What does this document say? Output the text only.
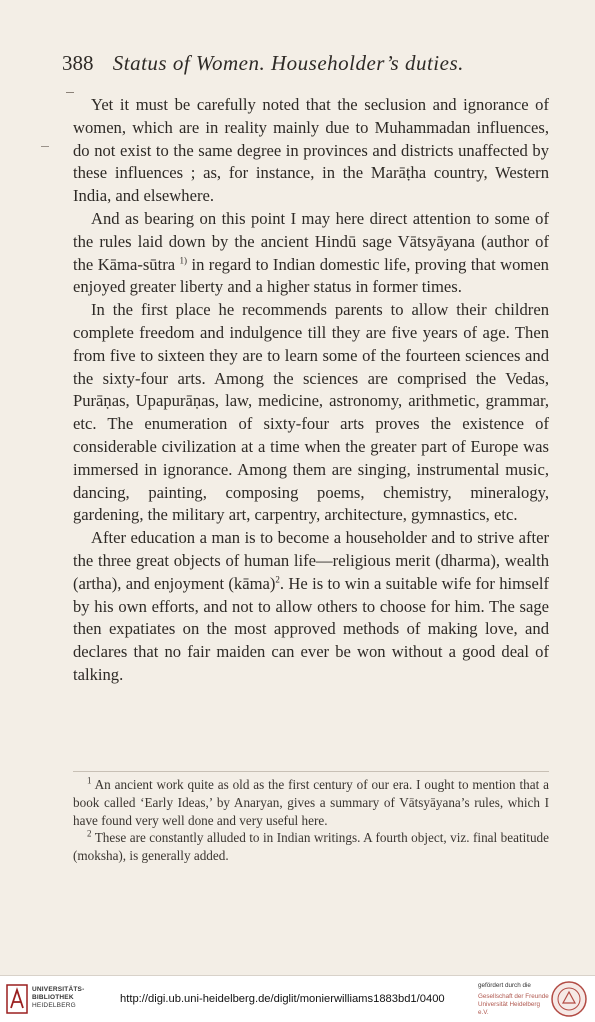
388 Status of Women. Householder’s duties.

Yet it must be carefully noted that the seclusion and ignorance of women, which are in reality mainly due to Muhammadan influences, do not exist to the same degree in provinces and districts unaffected by these influences ; as, for instance, in the Marāṭha country, Western India, and elsewhere.

And as bearing on this point I may here direct attention to some of the rules laid down by the ancient Hindū sage Vātsyāyana (author of the Kāma-sūtra $^{1)}$ in regard to Indian domestic life, proving that women enjoyed greater liberty and a higher status in former times.

In the first place he recommends parents to allow their children complete freedom and indulgence till they are five years of age. Then from five to sixteen they are to learn some of the fourteen sciences and the sixty-four arts. Among the sciences are comprised the Vedas, Purāṇas, Upapurāṇas, law, medicine, astronomy, arithmetic, grammar, etc. The enumeration of sixty-four arts proves the existence of considerable civilization at a time when the greater part of Europe was immersed in ignorance. Among them are singing, instrumental music, dancing, painting, composing poems, chemistry, mineralogy, gardening, the military art, carpentry, architecture, gymnastics, etc.

After education a man is to become a householder and to strive after the three great objects of human life—religious merit (dharma), wealth (artha), and enjoyment (kāma)$^2$. He is to win a suitable wife for himself by his own efforts, and not to allow others to choose for him. The sage then expatiates on the most approved methods of making love, and declares that no fair maiden can ever be won without a good deal of talking.

$^1$ An ancient work quite as old as the first century of our era. I ought to mention that a book called ‘Early Ideas,’ by Anaryan, gives a summary of Vātsyāyana’s rules, which I have found very well done and very useful here.

$^2$ These are constantly alluded to in Indian writings. A fourth object, viz. final beatitude (moksha), is generally added.

UNIVERSITÄTS-
BIBLIOTHEK
HEIDELBERG
http://digi.ub.uni-heidelberg.de/diglit/monierwilliams1883bd1/0400
gefördert durch die
Gesellschaft der Freunde
Universität Heidelberg e.V.
